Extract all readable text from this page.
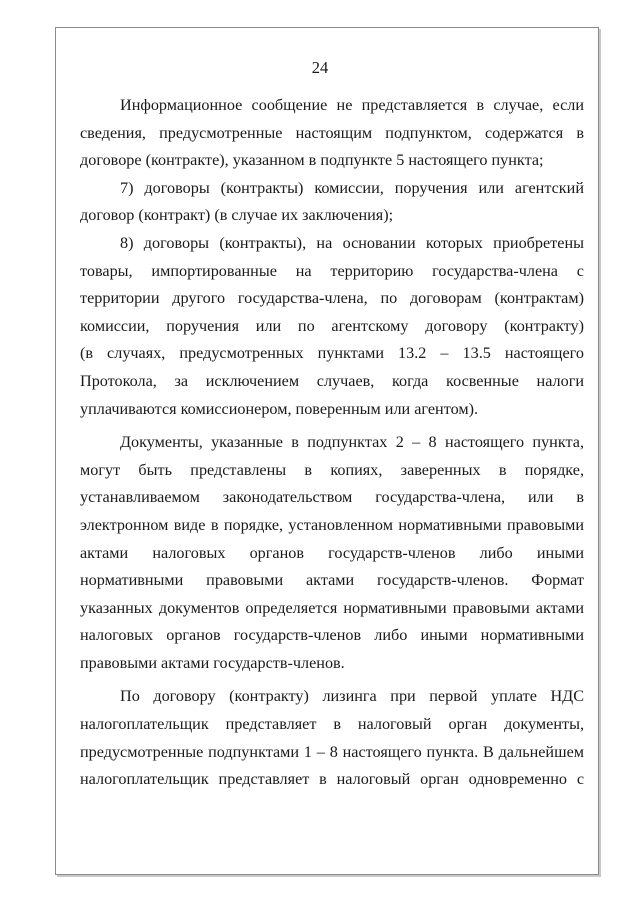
24

Информационное сообщение не представляется в случае, если
сведения, предусмотренные настоящим подпунктом, содержатся в
договоре (контракте), указанном в подпункте 5 настоящего пункта;

7) договоры (контракты) комиссии, поручения или агентский
договор (контракт) (в случае их заключения);

8) договоры (контракты), на основании которых приобретены
товары, импортированные на территорию государства-члена с
территории другого государства-члена, по договорам (контрактам)
комиссии, поручения или по агентскому договору (контракту)
(в случаях, предусмотренных пунктами 13.2 – 13.5 настоящего
Протокола, за исключением случаев, когда косвенные налоги
уплачиваются комиссионером, поверенным или агентом).

Документы, указанные в подпунктах 2 – 8 настоящего пункта,
могут быть представлены в копиях, заверенных в порядке,
устанавливаемом законодательством государства-члена, или в
электронном виде в порядке, установленном нормативными правовыми
актами налоговых органов государств-членов либо иными
нормативными правовыми актами государств-членов. Формат
указанных документов определяется нормативными правовыми актами
налоговых органов государств-членов либо иными нормативными
правовыми актами государств-членов.

По договору (контракту) лизинга при первой уплате НДС
налогоплательщик представляет в налоговый орган документы,
предусмотренные подпунктами 1 – 8 настоящего пункта. В дальнейшем
налогоплательщик представляет в налоговый орган одновременно с
